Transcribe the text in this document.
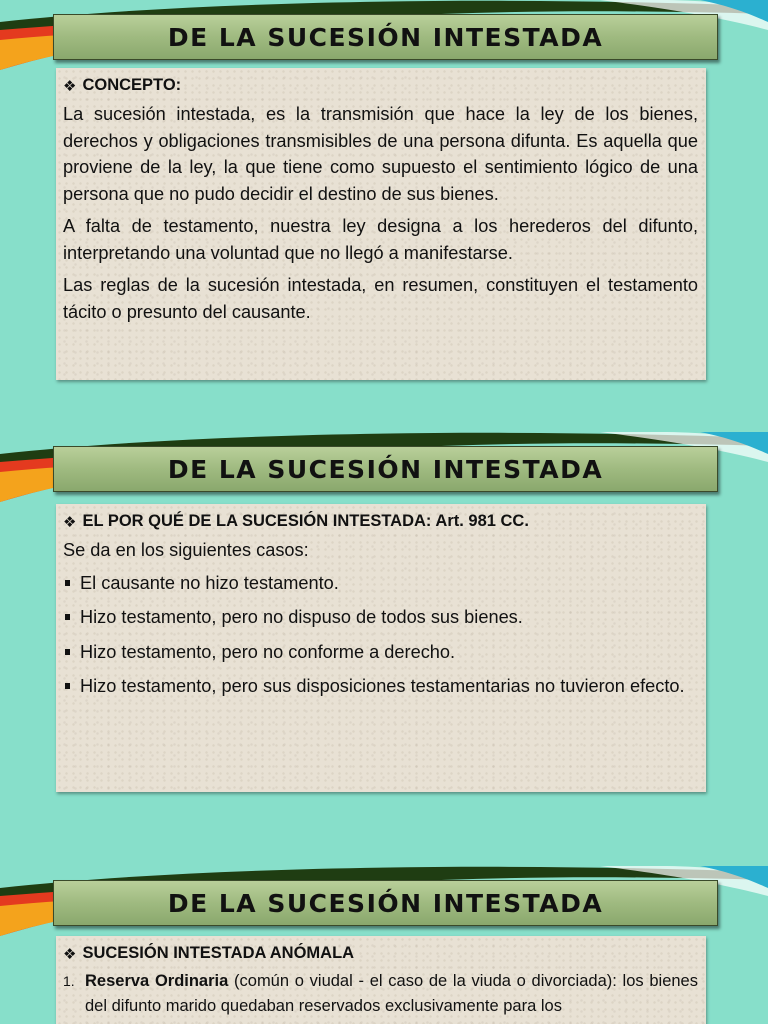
DE LA SUCESIÓN INTESTADA
❖ CONCEPTO:

La sucesión intestada, es la transmisión que hace la ley de los bienes, derechos y obligaciones transmisibles de una persona difunta. Es aquella que proviene de la ley, la que tiene como supuesto el sentimiento lógico de una persona que no pudo decidir el destino de sus bienes.

A falta de testamento, nuestra ley designa a los herederos del difunto, interpretando una voluntad que no llegó a manifestarse.

Las reglas de la sucesión intestada, en resumen, constituyen el testamento tácito o presunto del causante.

DE LA SUCESIÓN INTESTADA
❖ EL POR QUÉ DE LA SUCESIÓN INTESTADA: Art. 981 CC.

Se da en los siguientes casos:

El causante no hizo testamento.
Hizo testamento, pero no dispuso de todos sus bienes.
Hizo testamento, pero no conforme a derecho.
Hizo testamento, pero sus disposiciones testamentarias no tuvieron efecto.
DE LA SUCESIÓN INTESTADA
❖ SUCESIÓN INTESTADA ANÓMALA
1. Reserva Ordinaria (común o viudal - el caso de la viuda o divorciada): los bienes del difunto marido quedaban reservados exclusivamente para los
